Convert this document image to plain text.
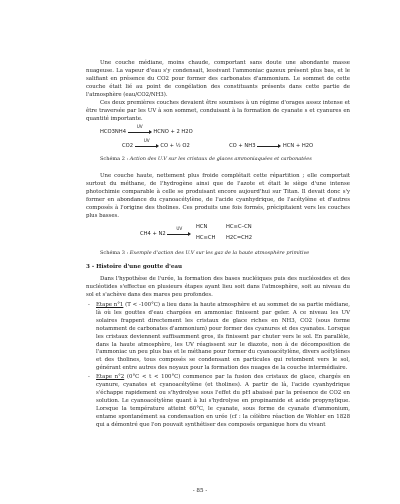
Une couche médiane, moins chaude, comportant sans doute une abondante masse nuageuse. La vapeur d'eau s'y condensait, lessivant l'ammoniac gazeux présent plus bas, et le salifiant en présence du CO2 pour former des carbonates d'ammonium. Le sommet de cette couche était lié au point de congélation des constituants présents dans cette partie de l'atmosphère (eau/CO2/NH3).

Ces deux premières couches devaient être soumises à un régime d'orages assez intense et être traversée par les UV à son sommet, conduisant à la formation de cyanate s et cyanures en quantité importante.

HCO3NH4
UV
HCNO + 2 H2O
CO2
UV
CO + ½ O2	CO + NH3	HCN + H2O
Schéma 2 : Action des U.V sur les cristaux de glaces ammoniaquées et carbonatées

Une couche haute, nettement plus froide complétait cette répartition ; elle comportait surtout du méthane, de l'hydrogène ainsi que de l'azote et était le siège d'une intense photochimie comparable à celle se produisant encore aujourd'hui sur Titan. Il devait donc s'y former en abondance du cyanoacétylène, de l'acide cyanhydrique, de l'acétylène et d'autres composés à l'origine des tholines. Ces produits une fois formés, précipitaient vers les couches plus basses.

CH4 + N2
UV	HCN	HC≡C–CN
HC≡CH H2C=CH2
Schéma 3 : Exemple d'action des U.V sur les gaz de la haute atmosphère primitive
3 - Histoire d'une goutte d'eau

Dans l'hypothèse de l'urée, la formation des bases nucléiques puis des nucléosides et des nucléotides s'effectue en plusieurs étapes ayant lieu soit dans l'atmosphère, soit au niveau du sol et s'achève dans des mares peu profondes.

- Etape n°1 (T < -100°C) a lieu dans la haute atmosphère et au sommet de sa partie médiane, là où les gouttes d'eau chargées en ammoniac finissent par geler. A ce niveau les UV solaires frappent directement les cristaux de glace riches en NH3, CO2 (sous forme notamment de carbonates d'ammonium) pour former des cyanures et des cyanates. Lorsque les cristaux deviennent suffisamment gros, ils finissent par chuter vers le sol. En parallèle, dans la haute atmosphère, les UV réagissent sur le diazote, non à de décomposition de l'ammoniac un peu plus bas et le méthane pour former du cyanoacétylène, divers acétylènes et des tholines, tous composés se condensant en particules qui retombent vers le sol, générant entre autres des noyaux pour la formation des nuages de la couche intermédiaire.
- Etape n°2 (0°C < t < 100°C) commence par la fusion des cristaux de glace, chargés en cyanure, cyanates et cyanoacétylène (et tholines). A partir de là, l'acide cyanhydrique s'échappe rapidement ou s'hydrolyse sous l'effet du pH abaissé par la présence de CO2 en solution. Le cyanoacétylène quant à lui s'hydrolyse en propinamide et acide propynylique. Lorsque la température atteint 60°C, le cyanate, sous forme de cyanate d'ammonium, entame spontanément sa condensation en urée (cf : la célèbre réaction de Wohler en 1828 qui a démontré que l'on pouvait synthétiser des composés organique hors du vivant
- 85 -
